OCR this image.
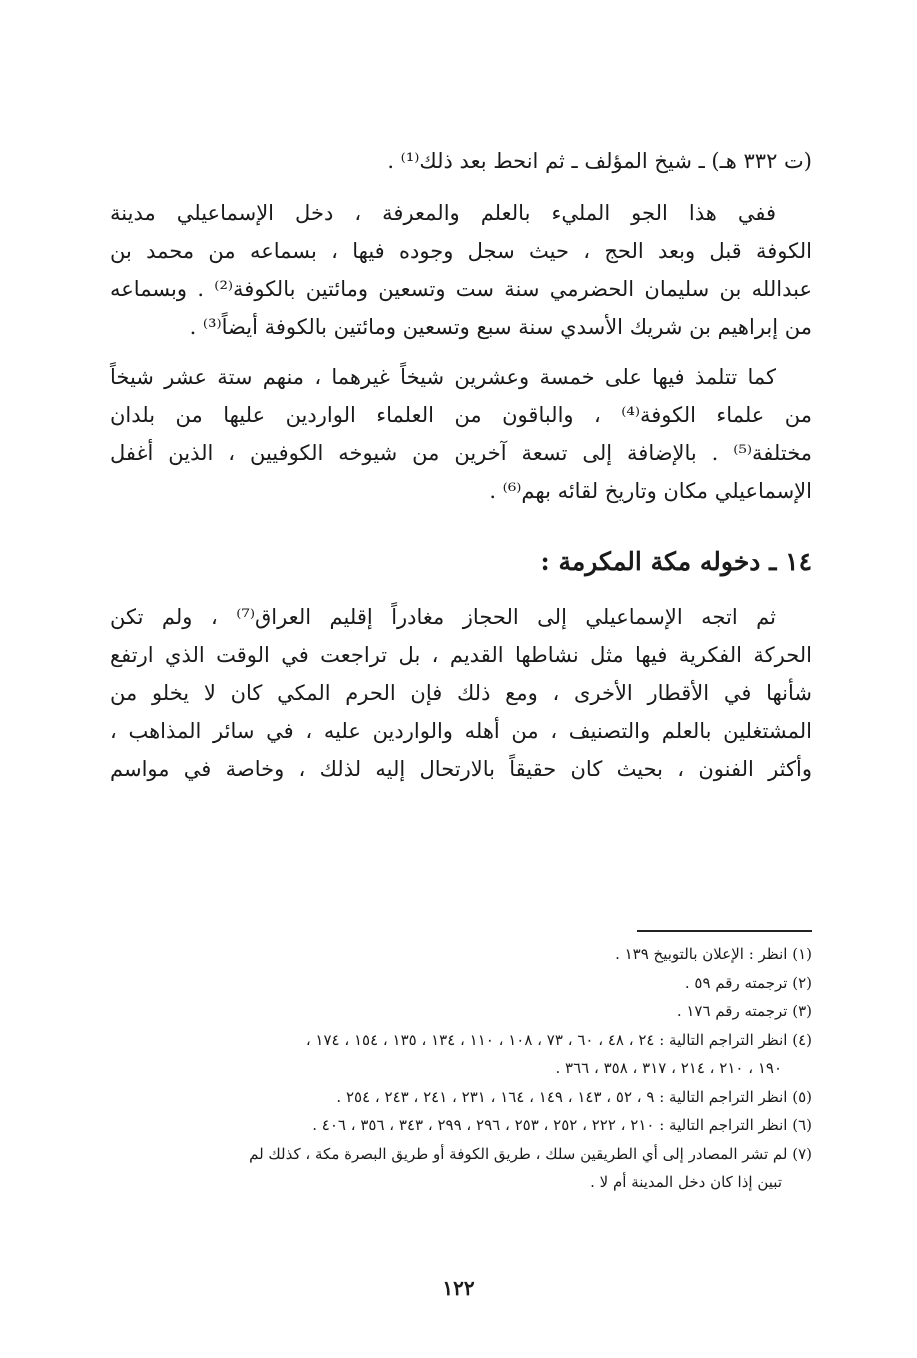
(ت ٣٣٢ هـ) ـ شيخ المؤلف ـ ثم انحط بعد ذلك⁽¹⁾ .
ففي هذا الجو المليء بالعلم والمعرفة ، دخل الإسماعيلي مدينة
الكوفة قبل وبعد الحج ، حيث سجل وجوده فيها ، بسماعه من محمد بن
عبدالله بن سليمان الحضرمي سنة ست وتسعين ومائتين بالكوفة⁽²⁾ . وبسماعه
من إبراهيم بن شريك الأسدي سنة سبع وتسعين ومائتين بالكوفة أيضاً⁽³⁾ .
كما تتلمذ فيها على خمسة وعشرين شيخاً غيرهما ، منهم ستة عشر شيخاً
من علماء الكوفة⁽⁴⁾ ، والباقون من العلماء الواردين عليها من بلدان
مختلفة⁽⁵⁾ . بالإضافة إلى تسعة آخرين من شيوخه الكوفيين ، الذين أغفل
الإسماعيلي مكان وتاريخ لقائه بهم⁽⁶⁾ .
١٤ ـ دخوله مكة المكرمة :
ثم اتجه الإسماعيلي إلى الحجاز مغادراً إقليم العراق⁽⁷⁾ ، ولم تكن
الحركة الفكرية فيها مثل نشاطها القديم ، بل تراجعت في الوقت الذي ارتفع
شأنها في الأقطار الأخرى ، ومع ذلك فإن الحرم المكي كان لا يخلو من
المشتغلين بالعلم والتصنيف ، من أهله والواردين عليه ، في سائر المذاهب ،
وأكثر الفنون ، بحيث كان حقيقاً بالارتحال إليه لذلك ، وخاصة في مواسم
(١) انظر : الإعلان بالتوبيخ ١٣٩ .
(٢) ترجمته رقم ٥٩ .
(٣) ترجمته رقم ١٧٦ .
(٤) انظر التراجم التالية : ٢٤ ، ٤٨ ، ٦٠ ، ٧٣ ، ١٠٨ ، ١١٠ ، ١٣٤ ، ١٣٥ ، ١٥٤ ، ١٧٤ ،
١٩٠ ، ٢١٠ ، ٢١٤ ، ٣١٧ ، ٣٥٨ ، ٣٦٦ .
(٥) انظر التراجم التالية : ٩ ، ٥٢ ، ١٤٣ ، ١٤٩ ، ١٦٤ ، ٢٣١ ، ٢٤١ ، ٢٤٣ ، ٢٥٤ .
(٦) انظر التراجم التالية : ٢١٠ ، ٢٢٢ ، ٢٥٢ ، ٢٥٣ ، ٢٩٦ ، ٢٩٩ ، ٣٤٣ ، ٣٥٦ ، ٤٠٦ .
(٧) لم تشر المصادر إلى أي الطريقين سلك ، طريق الكوفة أو طريق البصرة مكة ، كذلك لم
تبين إذا كان دخل المدينة أم لا .
١٢٢
